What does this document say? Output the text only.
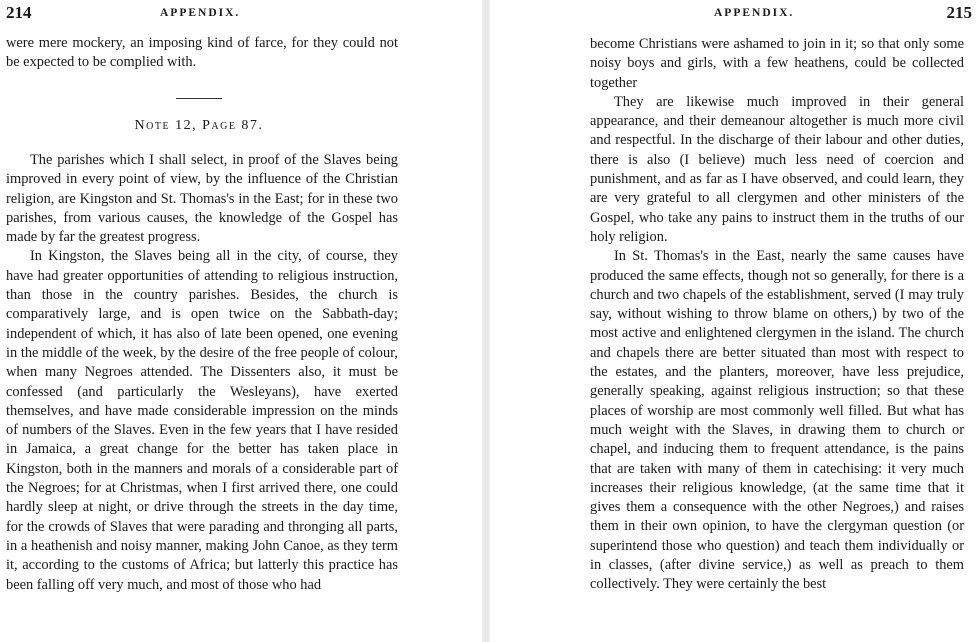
214	APPENDIX.

were mere mockery, an imposing kind of farce, for they could not be expected to be complied with.

Note 12, Page 87.

The parishes which I shall select, in proof of the Slaves being improved in every point of view, by the influence of the Christian religion, are Kingston and St. Thomas's in the East; for in these two parishes, from various causes, the knowledge of the Gospel has made by far the greatest progress.

In Kingston, the Slaves being all in the city, of course, they have had greater opportunities of attending to religious instruction, than those in the country parishes. Besides, the church is comparatively large, and is open twice on the Sabbath-day; independent of which, it has also of late been opened, one evening in the middle of the week, by the desire of the free people of colour, when many Negroes attended. The Dissenters also, it must be confessed (and particularly the Wesleyans), have exerted themselves, and have made considerable impression on the minds of numbers of the Slaves. Even in the few years that I have resided in Jamaica, a great change for the better has taken place in Kingston, both in the manners and morals of a considerable part of the Negroes; for at Christmas, when I first arrived there, one could hardly sleep at night, or drive through the streets in the day time, for the crowds of Slaves that were parading and thronging all parts, in a heathenish and noisy manner, making John Canoe, as they term it, according to the customs of Africa; but latterly this practice has been falling off very much, and most of those who had

APPENDIX.	215

become Christians were ashamed to join in it; so that only some noisy boys and girls, with a few heathens, could be collected together

They are likewise much improved in their general appearance, and their demeanour altogether is much more civil and respectful. In the discharge of their labour and other duties, there is also (I believe) much less need of coercion and punishment, and as far as I have observed, and could learn, they are very grateful to all clergymen and other ministers of the Gospel, who take any pains to instruct them in the truths of our holy religion.

In St. Thomas's in the East, nearly the same causes have produced the same effects, though not so generally, for there is a church and two chapels of the establishment, served (I may truly say, without wishing to throw blame on others,) by two of the most active and enlightened clergymen in the island. The church and chapels there are better situated than most with respect to the estates, and the planters, moreover, have less prejudice, generally speaking, against religious instruction; so that these places of worship are most commonly well filled. But what has much weight with the Slaves, in drawing them to church or chapel, and inducing them to frequent attendance, is the pains that are taken with many of them in catechising: it very much increases their religious knowledge, (at the same time that it gives them a consequence with the other Negroes,) and raises them in their own opinion, to have the clergyman question (or superintend those who question) and teach them individually or in classes, (after divine service,) as well as preach to them collectively. They were certainly the best
